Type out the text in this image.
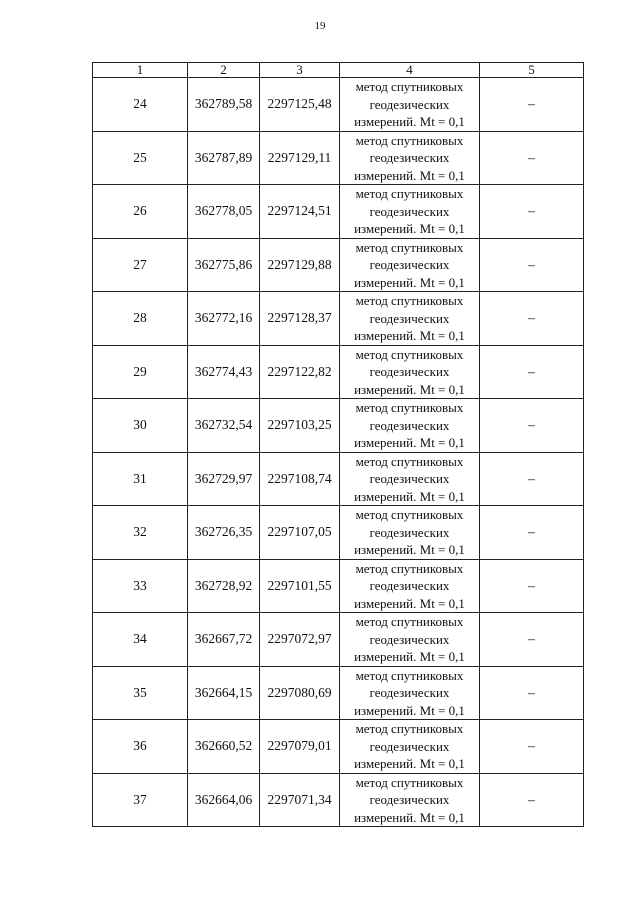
19
1	2	3	4	5
24	362789,58	2297125,48	метод спутниковых
геодезических
измерений. Mt = 0,1	–
25	362787,89	2297129,11	метод спутниковых
геодезических
измерений. Mt = 0,1	–
26	362778,05	2297124,51	метод спутниковых
геодезических
измерений. Mt = 0,1	–
27	362775,86	2297129,88	метод спутниковых
геодезических
измерений. Mt = 0,1	–
28	362772,16	2297128,37	метод спутниковых
геодезических
измерений. Mt = 0,1	–
29	362774,43	2297122,82	метод спутниковых
геодезических
измерений. Mt = 0,1	–
30	362732,54	2297103,25	метод спутниковых
геодезических
измерений. Mt = 0,1	–
31	362729,97	2297108,74	метод спутниковых
геодезических
измерений. Mt = 0,1	–
32	362726,35	2297107,05	метод спутниковых
геодезических
измерений. Mt = 0,1	–
33	362728,92	2297101,55	метод спутниковых
геодезических
измерений. Mt = 0,1	–
34	362667,72	2297072,97	метод спутниковых
геодезических
измерений. Mt = 0,1	–
35	362664,15	2297080,69	метод спутниковых
геодезических
измерений. Mt = 0,1	–
36	362660,52	2297079,01	метод спутниковых
геодезических
измерений. Mt = 0,1	–
37	362664,06	2297071,34	метод спутниковых
геодезических
измерений. Mt = 0,1	–
